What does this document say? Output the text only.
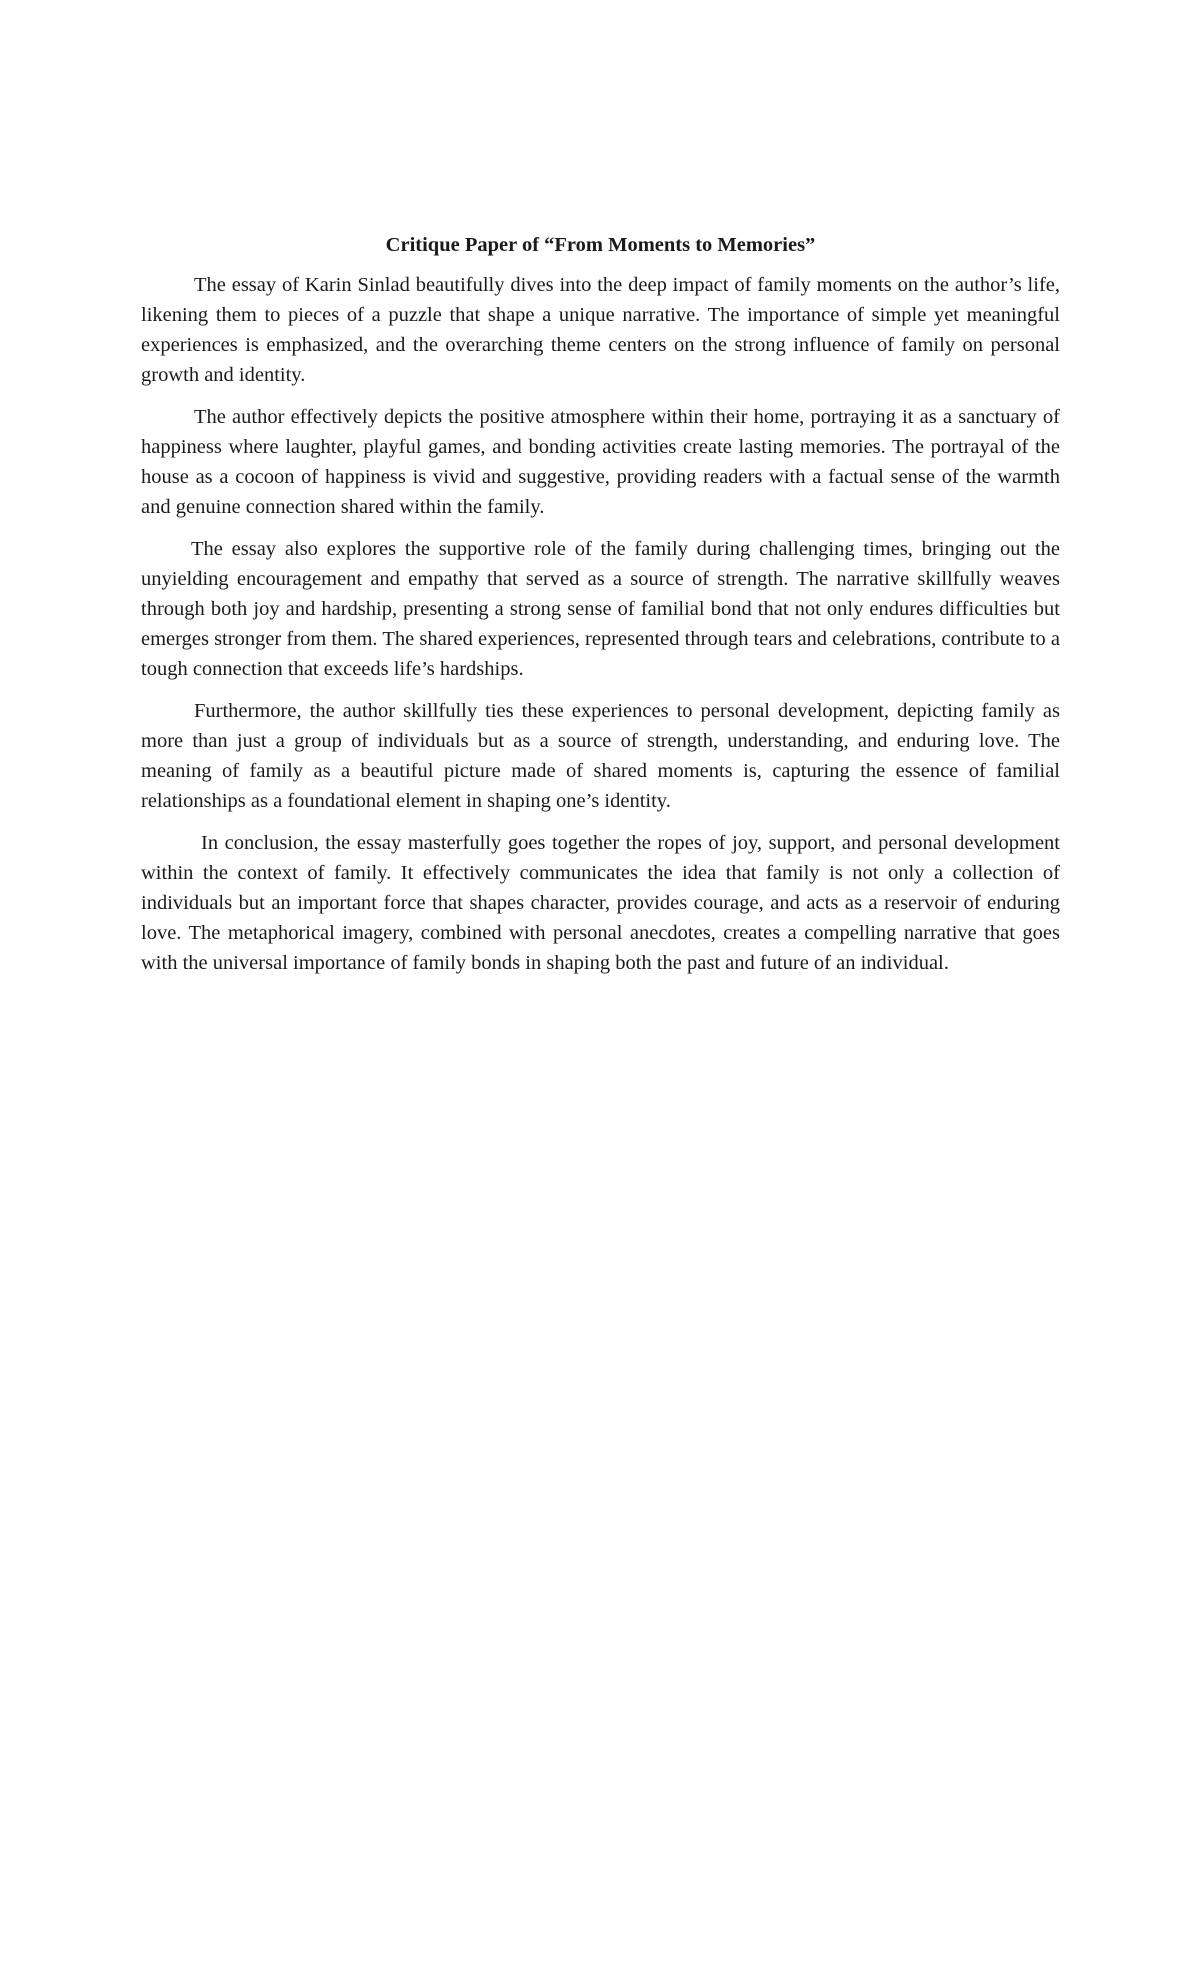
Critique Paper of “From Moments to Memories”

The essay of Karin Sinlad beautifully dives into the deep impact of family moments on the author’s life, likening them to pieces of a puzzle that shape a unique narrative. The importance of simple yet meaningful experiences is emphasized, and the overarching theme centers on the strong influence of family on personal growth and identity.

The author effectively depicts the positive atmosphere within their home, portraying it as a sanctuary of happiness where laughter, playful games, and bonding activities create lasting memories. The portrayal of the house as a cocoon of happiness is vivid and suggestive, providing readers with a factual sense of the warmth and genuine connection shared within the family.

The essay also explores the supportive role of the family during challenging times, bringing out the unyielding encouragement and empathy that served as a source of strength. The narrative skillfully weaves through both joy and hardship, presenting a strong sense of familial bond that not only endures difficulties but emerges stronger from them. The shared experiences, represented through tears and celebrations, contribute to a tough connection that exceeds life’s hardships.

Furthermore, the author skillfully ties these experiences to personal development, depicting family as more than just a group of individuals but as a source of strength, understanding, and enduring love. The meaning of family as a beautiful picture made of shared moments is, capturing the essence of familial relationships as a foundational element in shaping one’s identity.

In conclusion, the essay masterfully goes together the ropes of joy, support, and personal development within the context of family. It effectively communicates the idea that family is not only a collection of individuals but an important force that shapes character, provides courage, and acts as a reservoir of enduring love. The metaphorical imagery, combined with personal anecdotes, creates a compelling narrative that goes with the universal importance of family bonds in shaping both the past and future of an individual.
